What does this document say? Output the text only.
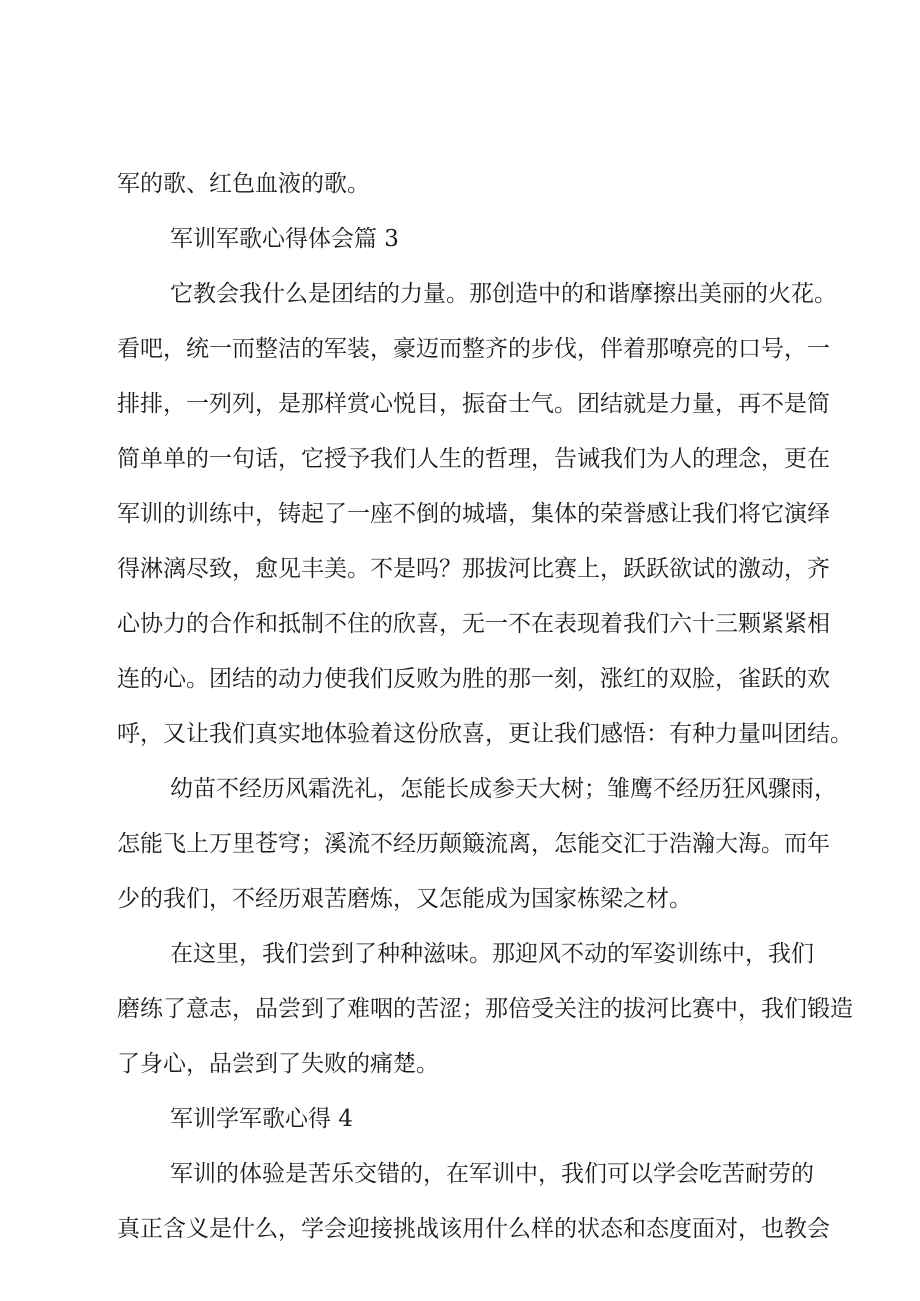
军的歌、红色血液的歌。
军训军歌心得体会篇 3
它教会我什么是团结的力量。那创造中的和谐摩擦出美丽的火花。
看吧，统一而整洁的军装，豪迈而整齐的步伐，伴着那嘹亮的口号，一
排排，一列列，是那样赏心悦目，振奋士气。团结就是力量，再不是简
简单单的一句话，它授予我们人生的哲理，告诫我们为人的理念，更在
军训的训练中，铸起了一座不倒的城墙，集体的荣誉感让我们将它演绎
得淋漓尽致，愈见丰美。不是吗？那拔河比赛上，跃跃欲试的激动，齐
心协力的合作和抵制不住的欣喜，无一不在表现着我们六十三颗紧紧相
连的心。团结的动力使我们反败为胜的那一刻，涨红的双脸，雀跃的欢
呼，又让我们真实地体验着这份欣喜，更让我们感悟：有种力量叫团结。
幼苗不经历风霜洗礼，怎能长成参天大树；雏鹰不经历狂风骤雨，
怎能飞上万里苍穹；溪流不经历颠簸流离，怎能交汇于浩瀚大海。而年
少的我们，不经历艰苦磨炼，又怎能成为国家栋梁之材。
在这里，我们尝到了种种滋味。那迎风不动的军姿训练中，我们
磨练了意志，品尝到了难咽的苦涩；那倍受关注的拔河比赛中，我们锻造
了身心，品尝到了失败的痛楚。
军训学军歌心得 4
军训的体验是苦乐交错的，在军训中，我们可以学会吃苦耐劳的
真正含义是什么，学会迎接挑战该用什么样的状态和态度面对，也教会
